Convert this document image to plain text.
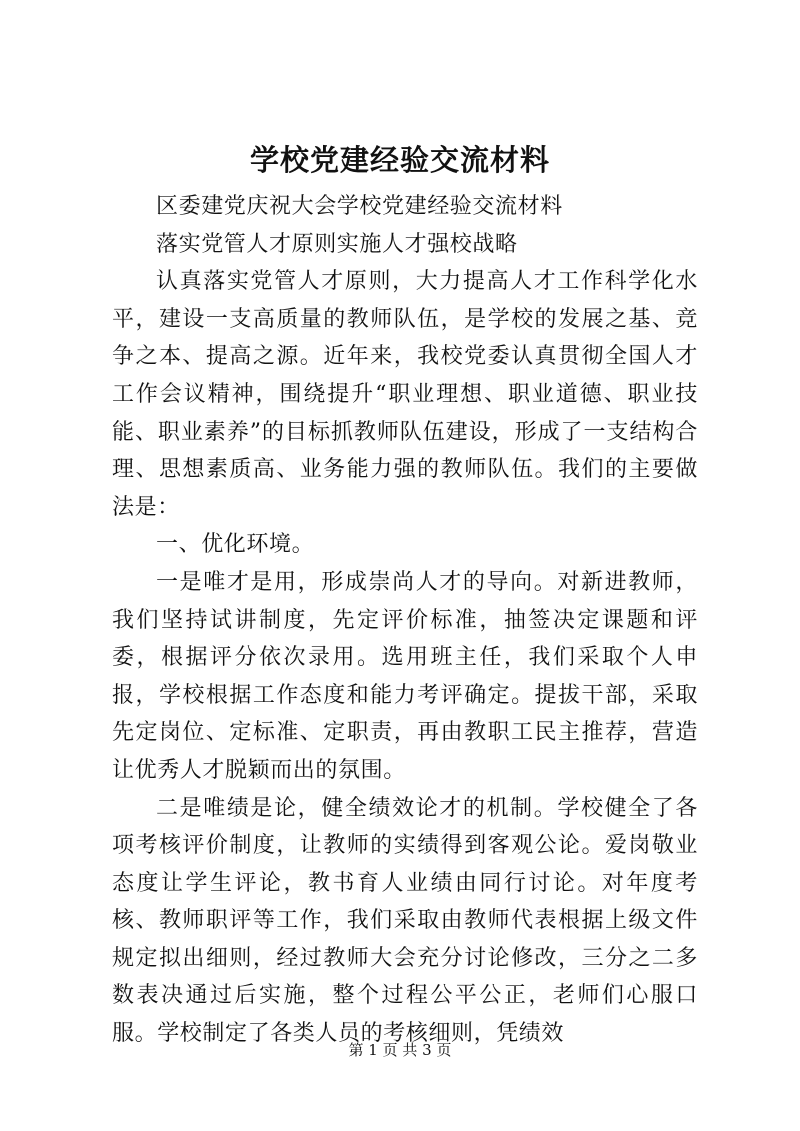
学校党建经验交流材料

区委建党庆祝大会学校党建经验交流材料

落实党管人才原则实施人才强校战略

认真落实党管人才原则，大力提高人才工作科学化水平，建设一支高质量的教师队伍，是学校的发展之基、竞争之本、提高之源。近年来，我校党委认真贯彻全国人才工作会议精神，围绕提升“职业理想、职业道德、职业技能、职业素养”的目标抓教师队伍建设，形成了一支结构合理、思想素质高、业务能力强的教师队伍。我们的主要做法是：

一、优化环境。

一是唯才是用，形成崇尚人才的导向。对新进教师，我们坚持试讲制度，先定评价标准，抽签决定课题和评委，根据评分依次录用。选用班主任，我们采取个人申报，学校根据工作态度和能力考评确定。提拔干部，采取先定岗位、定标准、定职责，再由教职工民主推荐，营造让优秀人才脱颖而出的氛围。

二是唯绩是论，健全绩效论才的机制。学校健全了各项考核评价制度，让教师的实绩得到客观公论。爱岗敬业态度让学生评论，教书育人业绩由同行讨论。对年度考核、教师职评等工作，我们采取由教师代表根据上级文件规定拟出细则，经过教师大会充分讨论修改，三分之二多数表决通过后实施，整个过程公平公正，老师们心服口服。学校制定了各类人员的考核细则，凭绩效

第 1 页 共 3 页
